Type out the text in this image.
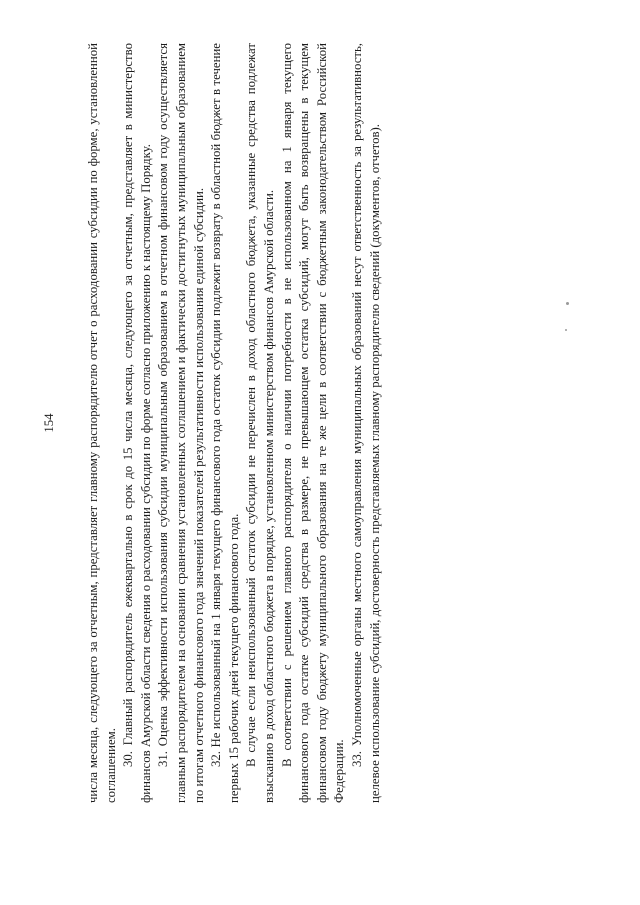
154 числа месяца, следующего за отчетным, представляет главному распорядителю отчет о расходовании субсидии по форме, установленной соглашением. 30. Главный распорядитель ежеквартально в срок до 15 числа месяца, следующего за отчетным, представляет в министерство финансов Амурской области сведения о расходовании субсидии по форме согласно приложению к настоящему Порядку. 31. Оценка эффективности использования субсидии муниципальным образованием в отчетном финансовом году осуществляется главным распорядителем на основании сравнения установленных соглашением и фактически достигнутых муниципальным образованием по итогам отчетного финансового года значений показателей результативности использования единой субсидии. 32. Не использованный на 1 января текущего финансового года остаток субсидии подлежит возврату в областной бюджет в течение первых 15 рабочих дней текущего финансового года. В случае если неиспользованный остаток субсидии не перечислен в доход областного бюджета, указанные средства подлежат взысканию в доход областного бюджета в порядке, установленном министерством финансов Амурской области. В соответствии с решением главного распорядителя о наличии потребности в не использованном на 1 января текущего финансового года остатке субсидий средства в размере, не превышающем остатка субсидий, могут быть возвращены в текущем финансовом году бюджету муниципального образования на те же цели в соответствии с бюджетным законодательством Российской Федерации.

33. Уполномоченные органы местного самоуправления муниципальных образований несут ответственность за результативность, целевое использование субсидий, достоверность представляемых главному распорядителю сведений (документов, отчетов).
